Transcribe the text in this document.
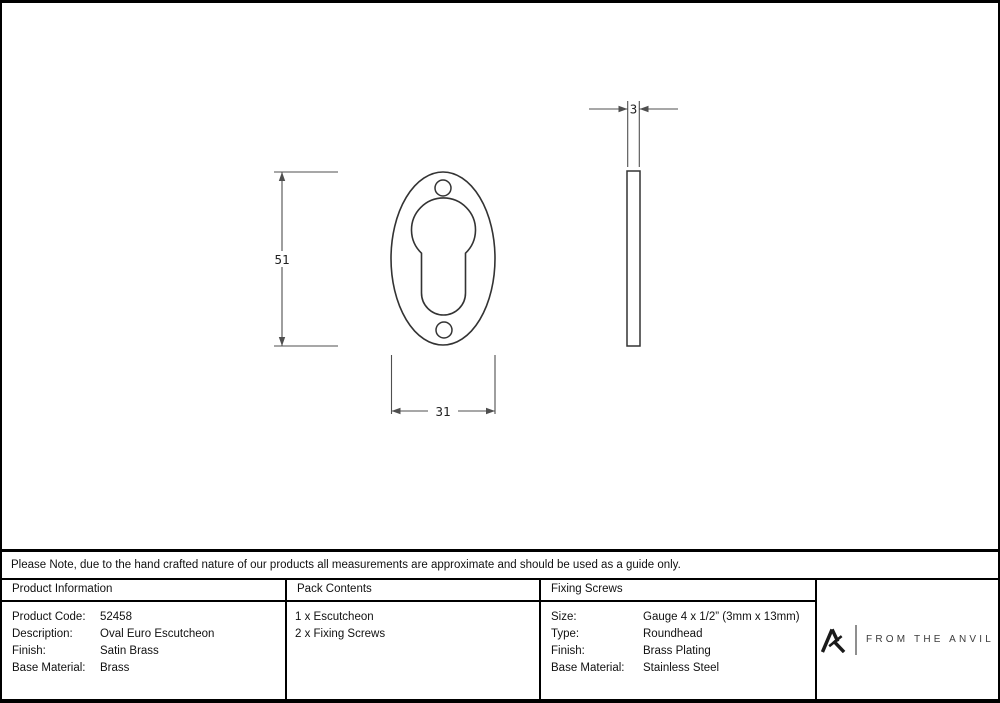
51
31
3
Please Note, due to the hand crafted nature of our products all measurements are approximate and should be used as a guide only.
Product Information
Product Code:	52458
Description:	Oval Euro Escutcheon
Finish:	Satin Brass
Base Material:	Brass
Pack Contents
1 x Escutcheon
2 x Fixing Screws
Fixing Screws
Size:	Gauge 4 x 1/2” (3mm x 13mm)
Type:	Roundhead
Finish:	Brass Plating
Base Material:	Stainless Steel
FROM THE ANVIL
